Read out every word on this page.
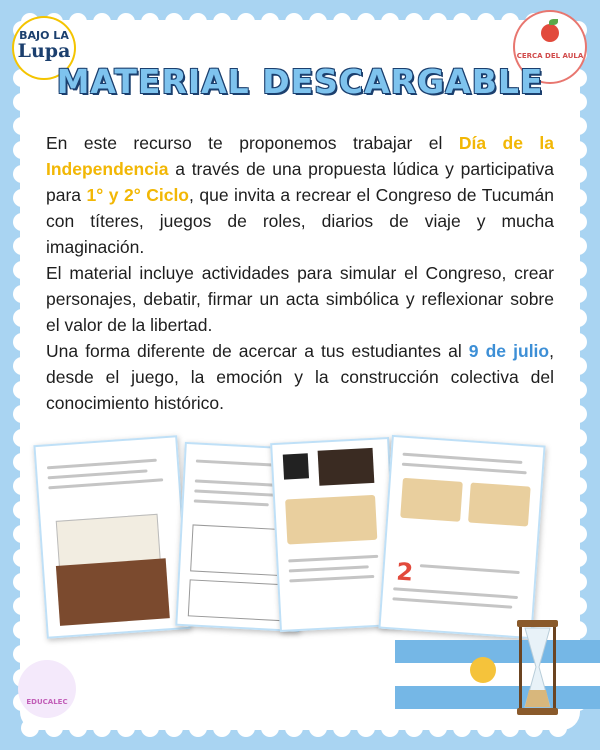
BAJO LA
Lupa	CERCA DEL AULA
MATERIAL DESCARGABLE

En este recurso te proponemos trabajar el Día de la Independencia a través de una propuesta lúdica y participativa para 1° y 2° Ciclo, que invita a recrear el Congreso de Tucumán con títeres, juegos de roles, diarios de viaje y mucha imaginación.

El material incluye actividades para simular el Congreso, crear personajes, debatir, firmar un acta simbólica y reflexionar sobre el valor de la libertad.

Una forma diferente de acercar a tus estudiantes al 9 de julio, desde el juego, la emoción y la construcción colectiva del conocimiento histórico.

2
EDUCALEC
